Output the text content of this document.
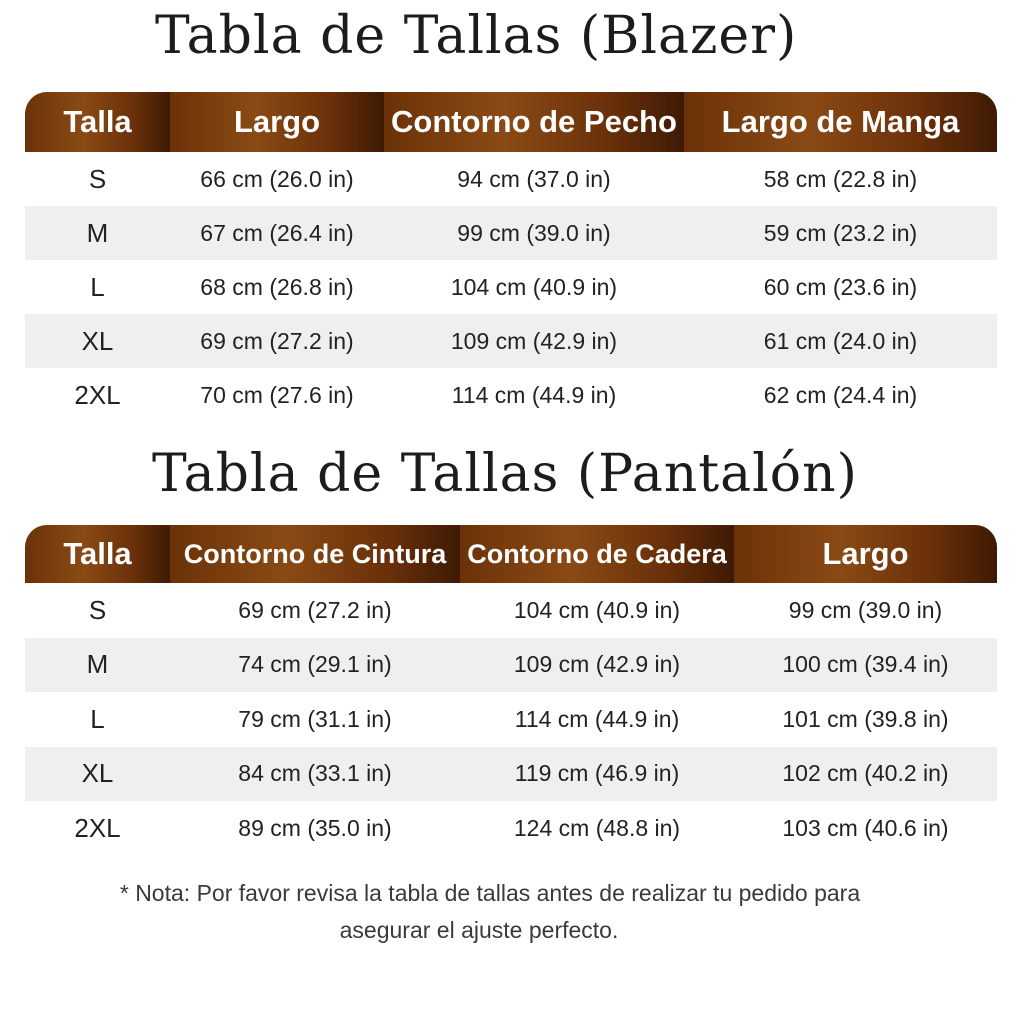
Tabla de Tallas (Blazer)
Talla	Largo	Contorno de Pecho	Largo de Manga
S	66 cm (26.0 in)	94 cm (37.0 in)	58 cm (22.8 in)
M	67 cm (26.4 in)	99 cm (39.0 in)	59 cm (23.2 in)
L	68 cm (26.8 in)	104 cm (40.9 in)	60 cm (23.6 in)
XL	69 cm (27.2 in)	109 cm (42.9 in)	61 cm (24.0 in)
2XL	70 cm (27.6 in)	114 cm (44.9 in)	62 cm (24.4 in)
Tabla de Tallas (Pantalón)
Talla	Contorno de Cintura	Contorno de Cadera	Largo
S	69 cm (27.2 in)	104 cm (40.9 in)	99 cm (39.0 in)
M	74 cm (29.1 in)	109 cm (42.9 in)	100 cm (39.4 in)
L	79 cm (31.1 in)	114 cm (44.9 in)	101 cm (39.8 in)
XL	84 cm (33.1 in)	119 cm (46.9 in)	102 cm (40.2 in)
2XL	89 cm (35.0 in)	124 cm (48.8 in)	103 cm (40.6 in)

* Nota: Por favor revisa la tabla de tallas antes de realizar tu pedido para
asegurar el ajuste perfecto.
